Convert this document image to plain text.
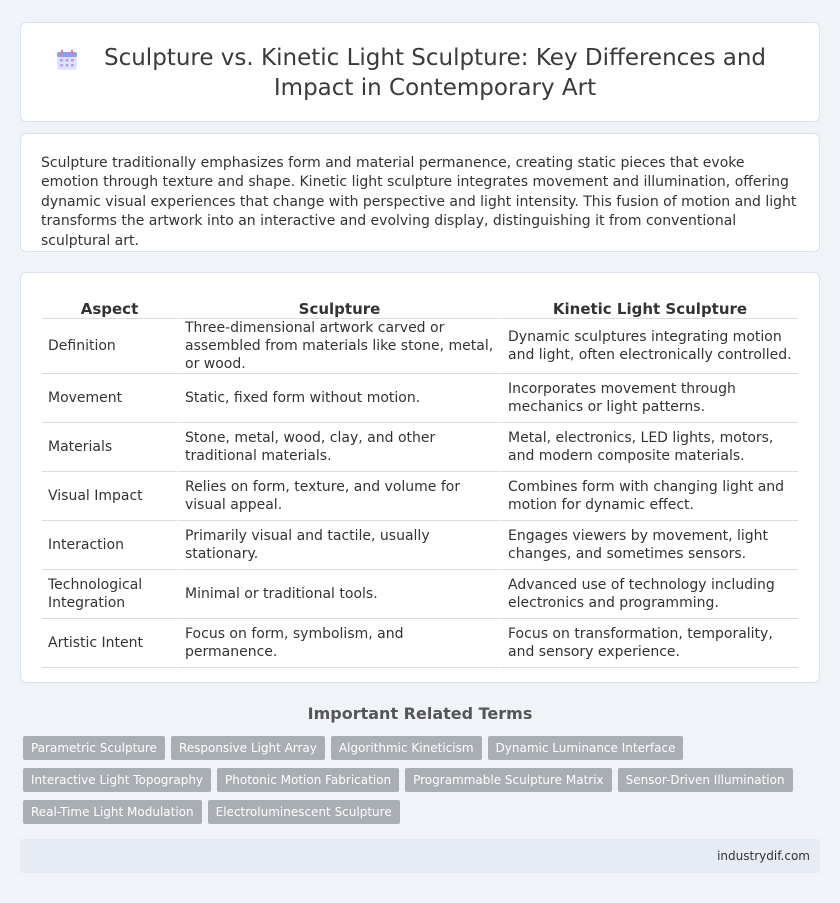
Sculpture vs. Kinetic Light Sculpture: Key Differences and Impact in Contemporary Art

Sculpture traditionally emphasizes form and material permanence, creating static pieces that evoke emotion through texture and shape. Kinetic light sculpture integrates movement and illumination, offering dynamic visual experiences that change with perspective and light intensity. This fusion of motion and light transforms the artwork into an interactive and evolving display, distinguishing it from conventional sculptural art.

Aspect	Sculpture	Kinetic Light Sculpture
Definition	Three-dimensional artwork carved or assembled from materials like stone, metal, or wood.	Dynamic sculptures integrating motion and light, often electronically controlled.
Movement	Static, fixed form without motion.	Incorporates movement through mechanics or light patterns.
Materials	Stone, metal, wood, clay, and other traditional materials.	Metal, electronics, LED lights, motors, and modern composite materials.
Visual Impact	Relies on form, texture, and volume for visual appeal.	Combines form with changing light and motion for dynamic effect.
Interaction	Primarily visual and tactile, usually stationary.	Engages viewers by movement, light changes, and sometimes sensors.
Technological Integration	Minimal or traditional tools.	Advanced use of technology including electronics and programming.
Artistic Intent	Focus on form, symbolism, and permanence.	Focus on transformation, temporality, and sensory experience.
Important Related Terms
Parametric Sculpture	Responsive Light Array	Algorithmic Kineticism	Dynamic Luminance Interface
Interactive Light Topography	Photonic Motion Fabrication	Programmable Sculpture Matrix	Sensor-Driven Illumination
Real-Time Light Modulation	Electroluminescent Sculpture
industrydif.com
